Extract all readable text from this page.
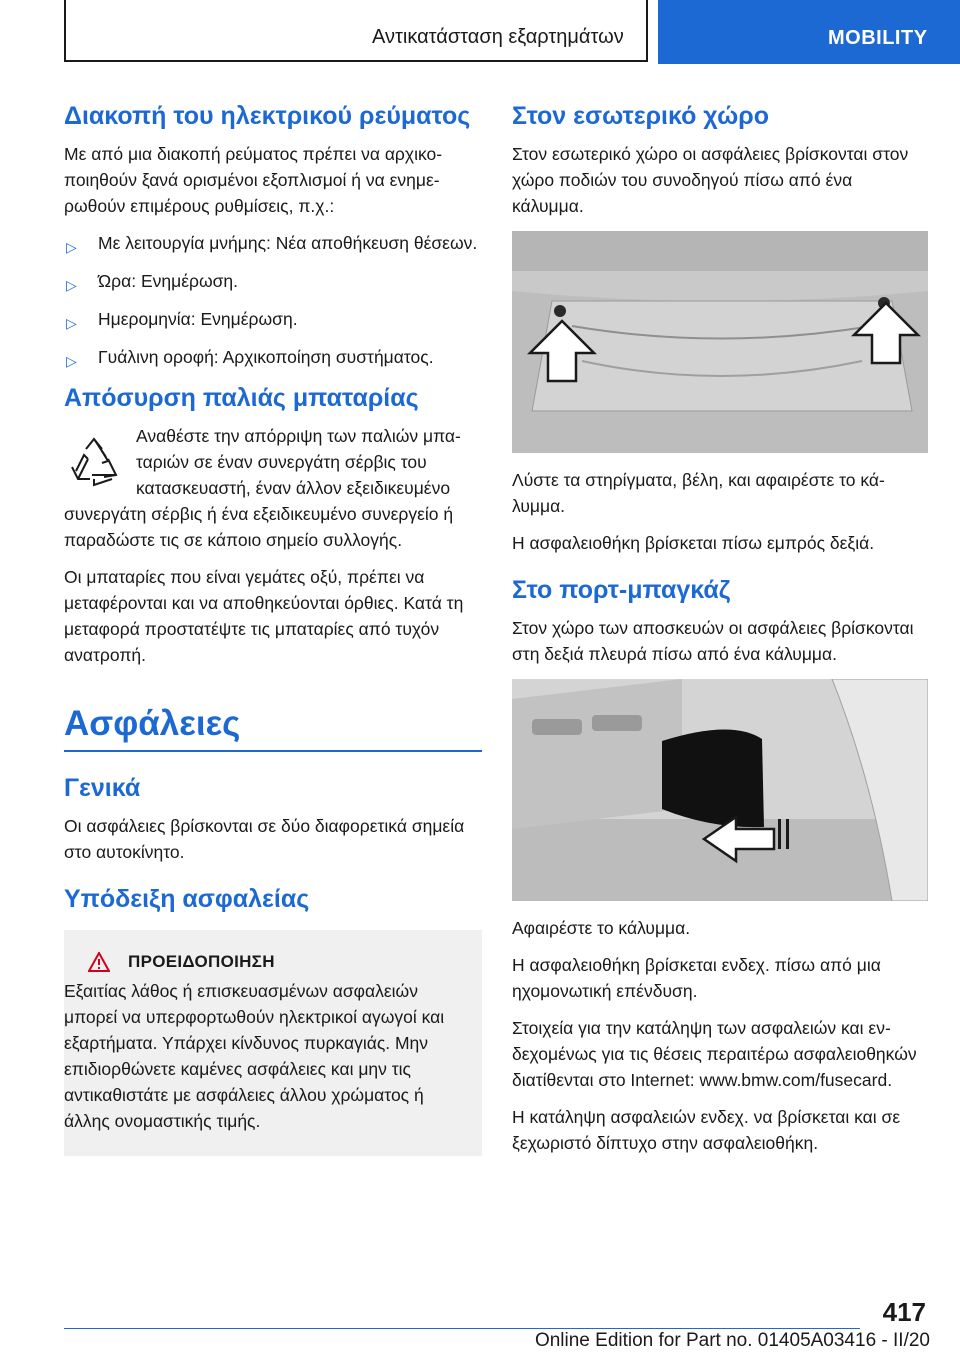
Αντικατάσταση εξαρτημάτων	MOBILITY
Διακοπή του ηλεκτρικού ρεύματος

Με από μια διακοπή ρεύματος πρέπει να αρχικοποιηθούν ξανά ορισμένοι εξοπλισμοί ή να ενημερωθούν επιμέρους ρυθμίσεις, π.χ.:

▷ Με λειτουργία μνήμης: Νέα αποθήκευση θέσεων.
▷ Ώρα: Ενημέρωση.
▷ Ημερομηνία: Ενημέρωση.
▷ Γυάλινη οροφή: Αρχικοποίηση συστήματος.
Απόσυρση παλιάς μπαταρίας

Αναθέστε την απόρριψη των παλιών μπαταριών σε έναν συνεργάτη σέρβις του κατασκευαστή, έναν άλλον εξειδικευμένο συνεργάτη σέρβις ή ένα εξειδικευμένο συνεργείο ή παραδώστε τις σε κάποιο σημείο συλλογής.

Οι μπαταρίες που είναι γεμάτες οξύ, πρέπει να μεταφέρονται και να αποθηκεύονται όρθιες. Κατά τη μεταφορά προστατέψτε τις μπαταρίες από τυχόν ανατροπή.

Ασφάλειες
Γενικά

Οι ασφάλειες βρίσκονται σε δύο διαφορετικά σημεία στο αυτοκίνητο.

Υπόδειξη ασφαλείας
ΠΡΟΕΙΔΟΠΟΙΗΣΗ

Εξαιτίας λάθος ή επισκευασμένων ασφαλειών μπορεί να υπερφορτωθούν ηλεκτρικοί αγωγοί και εξαρτήματα. Υπάρχει κίνδυνος πυρκαγιάς. Μην επιδιορθώνετε καμένες ασφάλειες και μην τις αντικαθιστάτε με ασφάλειες άλλου χρώματος ή άλλης ονομαστικής τιμής.

Στον εσωτερικό χώρο

Στον εσωτερικό χώρο οι ασφάλειες βρίσκονται στον χώρο ποδιών του συνοδηγού πίσω από ένα κάλυμμα.

Λύστε τα στηρίγματα, βέλη, και αφαιρέστε το κάλυμμα.

Η ασφαλειοθήκη βρίσκεται πίσω εμπρός δεξιά.

Στο πορτ-μπαγκάζ

Στον χώρο των αποσκευών οι ασφάλειες βρίσκονται στη δεξιά πλευρά πίσω από ένα κάλυμμα.

Αφαιρέστε το κάλυμμα.

Η ασφαλειοθήκη βρίσκεται ενδεχ. πίσω από μια ηχομονωτική επένδυση.

Στοιχεία για την κατάληψη των ασφαλειών και ενδεχομένως για τις θέσεις περαιτέρω ασφαλειοθηκών διατίθενται στο Internet: www.bmw.com/fusecard.

Η κατάληψη ασφαλειών ενδεχ. να βρίσκεται και σε ξεχωριστό δίπτυχο στην ασφαλειοθήκη.

417
Online Edition for Part no. 01405A03416 - II/20
